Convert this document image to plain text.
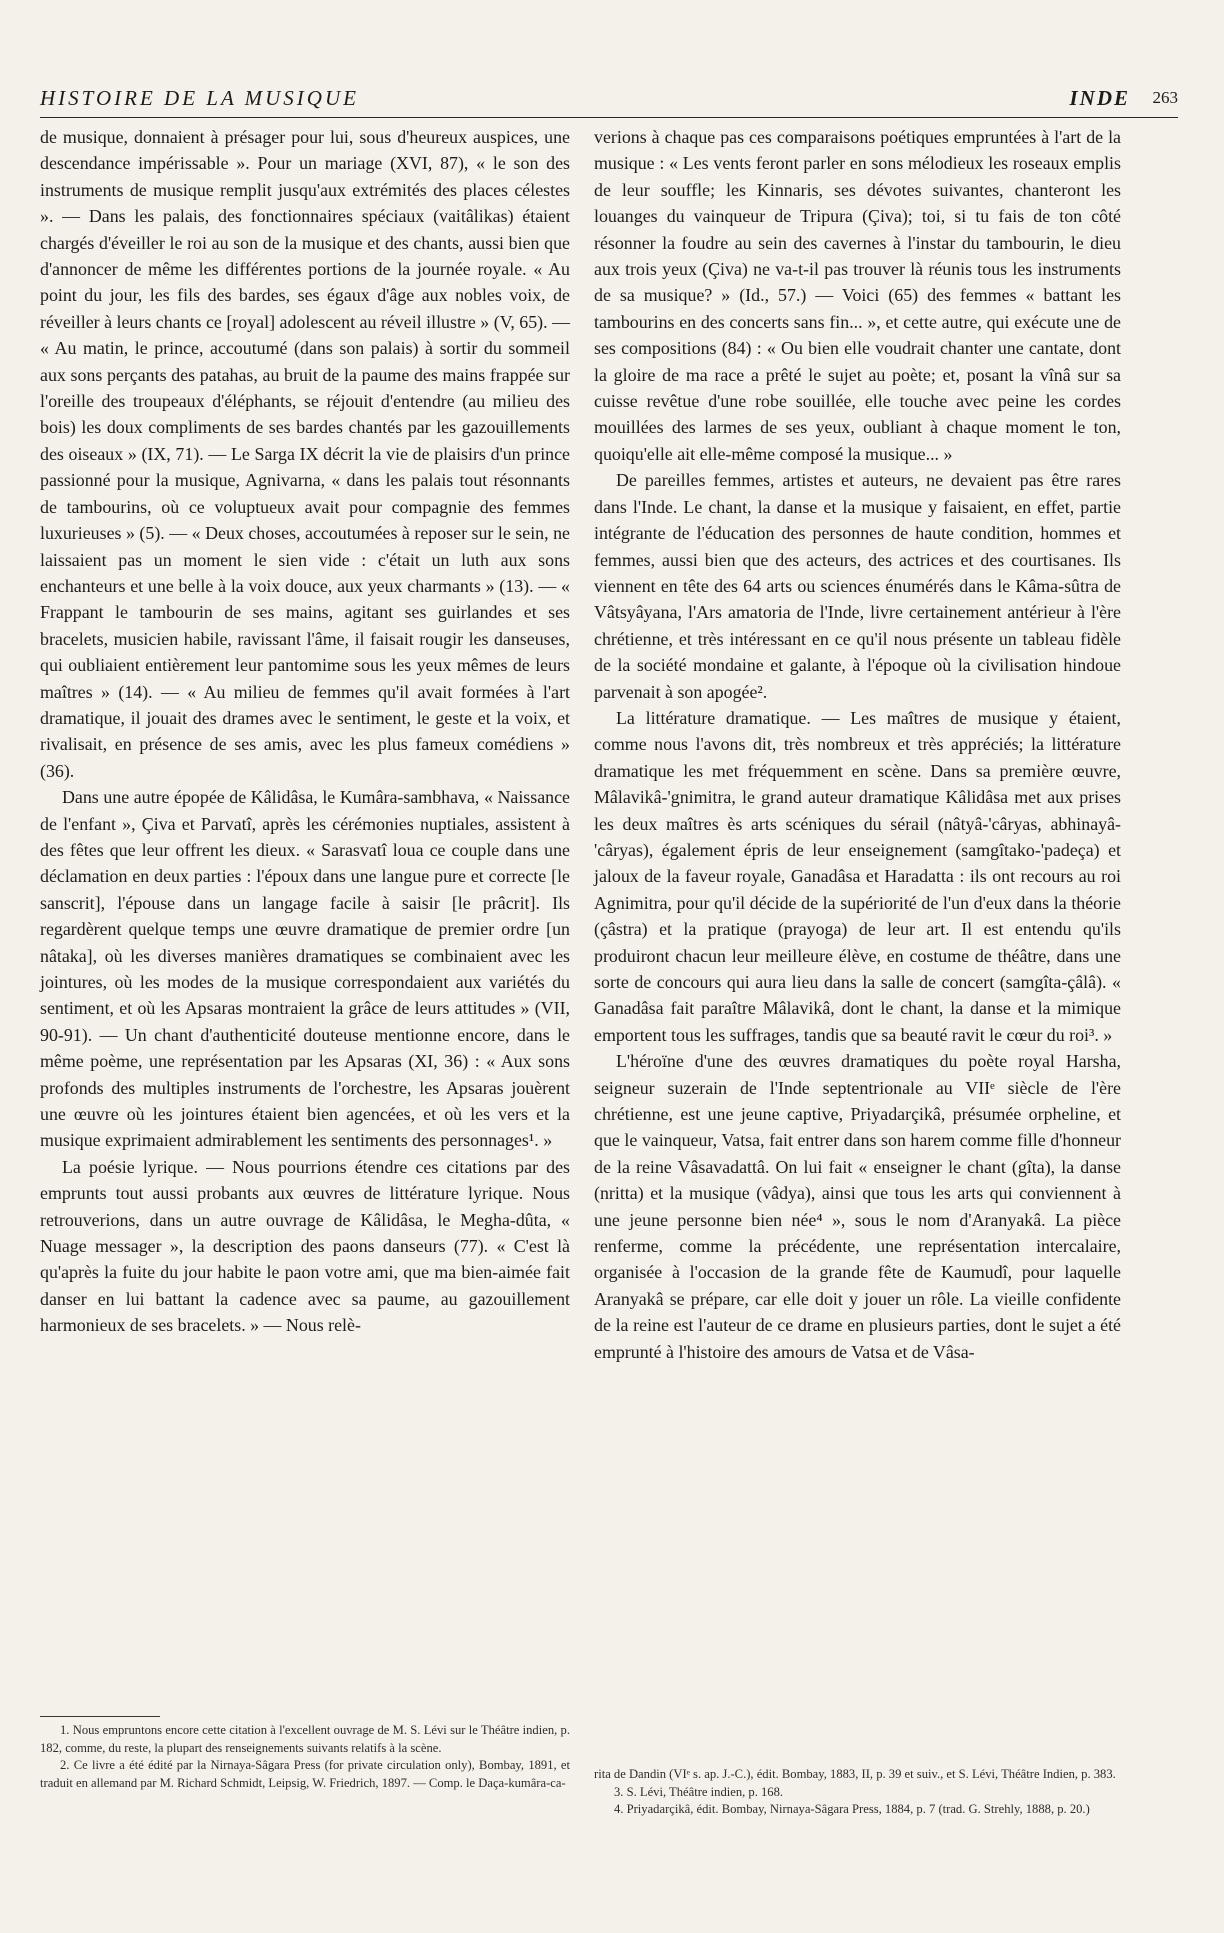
HISTOIRE DE LA MUSIQUE	INDE 263

de musique, donnaient à présager pour lui, sous d'heureux auspices, une descendance impérissable ». Pour un mariage (XVI, 87), « le son des instruments de musique remplit jusqu'aux extrémités des places célestes ». — Dans les palais, des fonctionnaires spéciaux (vaitâlikas) étaient chargés d'éveiller le roi au son de la musique et des chants, aussi bien que d'annoncer de même les différentes portions de la journée royale. « Au point du jour, les fils des bardes, ses égaux d'âge aux nobles voix, de réveiller à leurs chants ce [royal] adolescent au réveil illustre » (V, 65). — « Au matin, le prince, accoutumé (dans son palais) à sortir du sommeil aux sons perçants des patahas, au bruit de la paume des mains frappée sur l'oreille des troupeaux d'éléphants, se réjouit d'entendre (au milieu des bois) les doux compliments de ses bardes chantés par les gazouillements des oiseaux » (IX, 71). — Le Sarga IX décrit la vie de plaisirs d'un prince passionné pour la musique, Agnivarna, « dans les palais tout résonnants de tambourins, où ce voluptueux avait pour compagnie des femmes luxurieuses » (5). — « Deux choses, accoutumées à reposer sur le sein, ne laissaient pas un moment le sien vide : c'était un luth aux sons enchanteurs et une belle à la voix douce, aux yeux charmants » (13). — « Frappant le tambourin de ses mains, agitant ses guirlandes et ses bracelets, musicien habile, ravissant l'âme, il faisait rougir les danseuses, qui oubliaient entièrement leur pantomime sous les yeux mêmes de leurs maîtres » (14). — « Au milieu de femmes qu'il avait formées à l'art dramatique, il jouait des drames avec le sentiment, le geste et la voix, et rivalisait, en présence de ses amis, avec les plus fameux comédiens » (36).

Dans une autre épopée de Kâlidâsa, le Kumâra-sambhava, « Naissance de l'enfant », Çiva et Parvatî, après les cérémonies nuptiales, assistent à des fêtes que leur offrent les dieux. « Sarasvatî loua ce couple dans une déclamation en deux parties : l'époux dans une langue pure et correcte [le sanscrit], l'épouse dans un langage facile à saisir [le prâcrit]. Ils regardèrent quelque temps une œuvre dramatique de premier ordre [un nâtaka], où les diverses manières dramatiques se combinaient avec les jointures, où les modes de la musique correspondaient aux variétés du sentiment, et où les Apsaras montraient la grâce de leurs attitudes » (VII, 90-91). — Un chant d'authenticité douteuse mentionne encore, dans le même poème, une représentation par les Apsaras (XI, 36) : « Aux sons profonds des multiples instruments de l'orchestre, les Apsaras jouèrent une œuvre où les jointures étaient bien agencées, et où les vers et la musique exprimaient admirablement les sentiments des personnages¹. »

La poésie lyrique. — Nous pourrions étendre ces citations par des emprunts tout aussi probants aux œuvres de littérature lyrique. Nous retrouverions, dans un autre ouvrage de Kâlidâsa, le Megha-dûta, « Nuage messager », la description des paons danseurs (77). « C'est là qu'après la fuite du jour habite le paon votre ami, que ma bien-aimée fait danser en lui battant la cadence avec sa paume, au gazouillement harmonieux de ses bracelets. » — Nous relè-

verions à chaque pas ces comparaisons poétiques empruntées à l'art de la musique : « Les vents feront parler en sons mélodieux les roseaux emplis de leur souffle; les Kinnaris, ses dévotes suivantes, chanteront les louanges du vainqueur de Tripura (Çiva); toi, si tu fais de ton côté résonner la foudre au sein des cavernes à l'instar du tambourin, le dieu aux trois yeux (Çiva) ne va-t-il pas trouver là réunis tous les instruments de sa musique? » (Id., 57.) — Voici (65) des femmes « battant les tambourins en des concerts sans fin... », et cette autre, qui exécute une de ses compositions (84) : « Ou bien elle voudrait chanter une cantate, dont la gloire de ma race a prêté le sujet au poète; et, posant la vînâ sur sa cuisse revêtue d'une robe souillée, elle touche avec peine les cordes mouillées des larmes de ses yeux, oubliant à chaque moment le ton, quoiqu'elle ait elle-même composé la musique... »

De pareilles femmes, artistes et auteurs, ne devaient pas être rares dans l'Inde. Le chant, la danse et la musique y faisaient, en effet, partie intégrante de l'éducation des personnes de haute condition, hommes et femmes, aussi bien que des acteurs, des actrices et des courtisanes. Ils viennent en tête des 64 arts ou sciences énumérés dans le Kâma-sûtra de Vâtsyâyana, l'Ars amatoria de l'Inde, livre certainement antérieur à l'ère chrétienne, et très intéressant en ce qu'il nous présente un tableau fidèle de la société mondaine et galante, à l'époque où la civilisation hindoue parvenait à son apogée².

La littérature dramatique. — Les maîtres de musique y étaient, comme nous l'avons dit, très nombreux et très appréciés; la littérature dramatique les met fréquemment en scène. Dans sa première œuvre, Mâlavikâ-'gnimitra, le grand auteur dramatique Kâlidâsa met aux prises les deux maîtres ès arts scéniques du sérail (nâtyâ-'câryas, abhinayâ-'câryas), également épris de leur enseignement (samgîtako-'padeça) et jaloux de la faveur royale, Ganadâsa et Haradatta : ils ont recours au roi Agnimitra, pour qu'il décide de la supériorité de l'un d'eux dans la théorie (çâstra) et la pratique (prayoga) de leur art. Il est entendu qu'ils produiront chacun leur meilleure élève, en costume de théâtre, dans une sorte de concours qui aura lieu dans la salle de concert (samgîta-çâlâ). « Ganadâsa fait paraître Mâlavikâ, dont le chant, la danse et la mimique emportent tous les suffrages, tandis que sa beauté ravit le cœur du roi³. »

L'héroïne d'une des œuvres dramatiques du poète royal Harsha, seigneur suzerain de l'Inde septentrionale au VIIᵉ siècle de l'ère chrétienne, est une jeune captive, Priyadarçikâ, présumée orpheline, et que le vainqueur, Vatsa, fait entrer dans son harem comme fille d'honneur de la reine Vâsavadattâ. On lui fait « enseigner le chant (gîta), la danse (nritta) et la musique (vâdya), ainsi que tous les arts qui conviennent à une jeune personne bien née⁴ », sous le nom d'Aranyakâ. La pièce renferme, comme la précédente, une représentation intercalaire, organisée à l'occasion de la grande fête de Kaumudî, pour laquelle Aranyakâ se prépare, car elle doit y jouer un rôle. La vieille confidente de la reine est l'auteur de ce drame en plusieurs parties, dont le sujet a été emprunté à l'histoire des amours de Vatsa et de Vâsa-

1. Nous empruntons encore cette citation à l'excellent ouvrage de M. S. Lévi sur le Théâtre indien, p. 182, comme, du reste, la plupart des renseignements suivants relatifs à la scène.

2. Ce livre a été édité par la Nirnaya-Sâgara Press (for private circulation only), Bombay, 1891, et traduit en allemand par M. Richard Schmidt, Leipsig, W. Friedrich, 1897. — Comp. le Daça-kumâra-ca-

rita de Dandin (VIᵉ s. ap. J.-C.), édit. Bombay, 1883, II, p. 39 et suiv., et S. Lévi, Théâtre Indien, p. 383.

3. S. Lévi, Théâtre indien, p. 168.

4. Priyadarçikâ, édit. Bombay, Nirnaya-Sâgara Press, 1884, p. 7 (trad. G. Strehly, 1888, p. 20.)
